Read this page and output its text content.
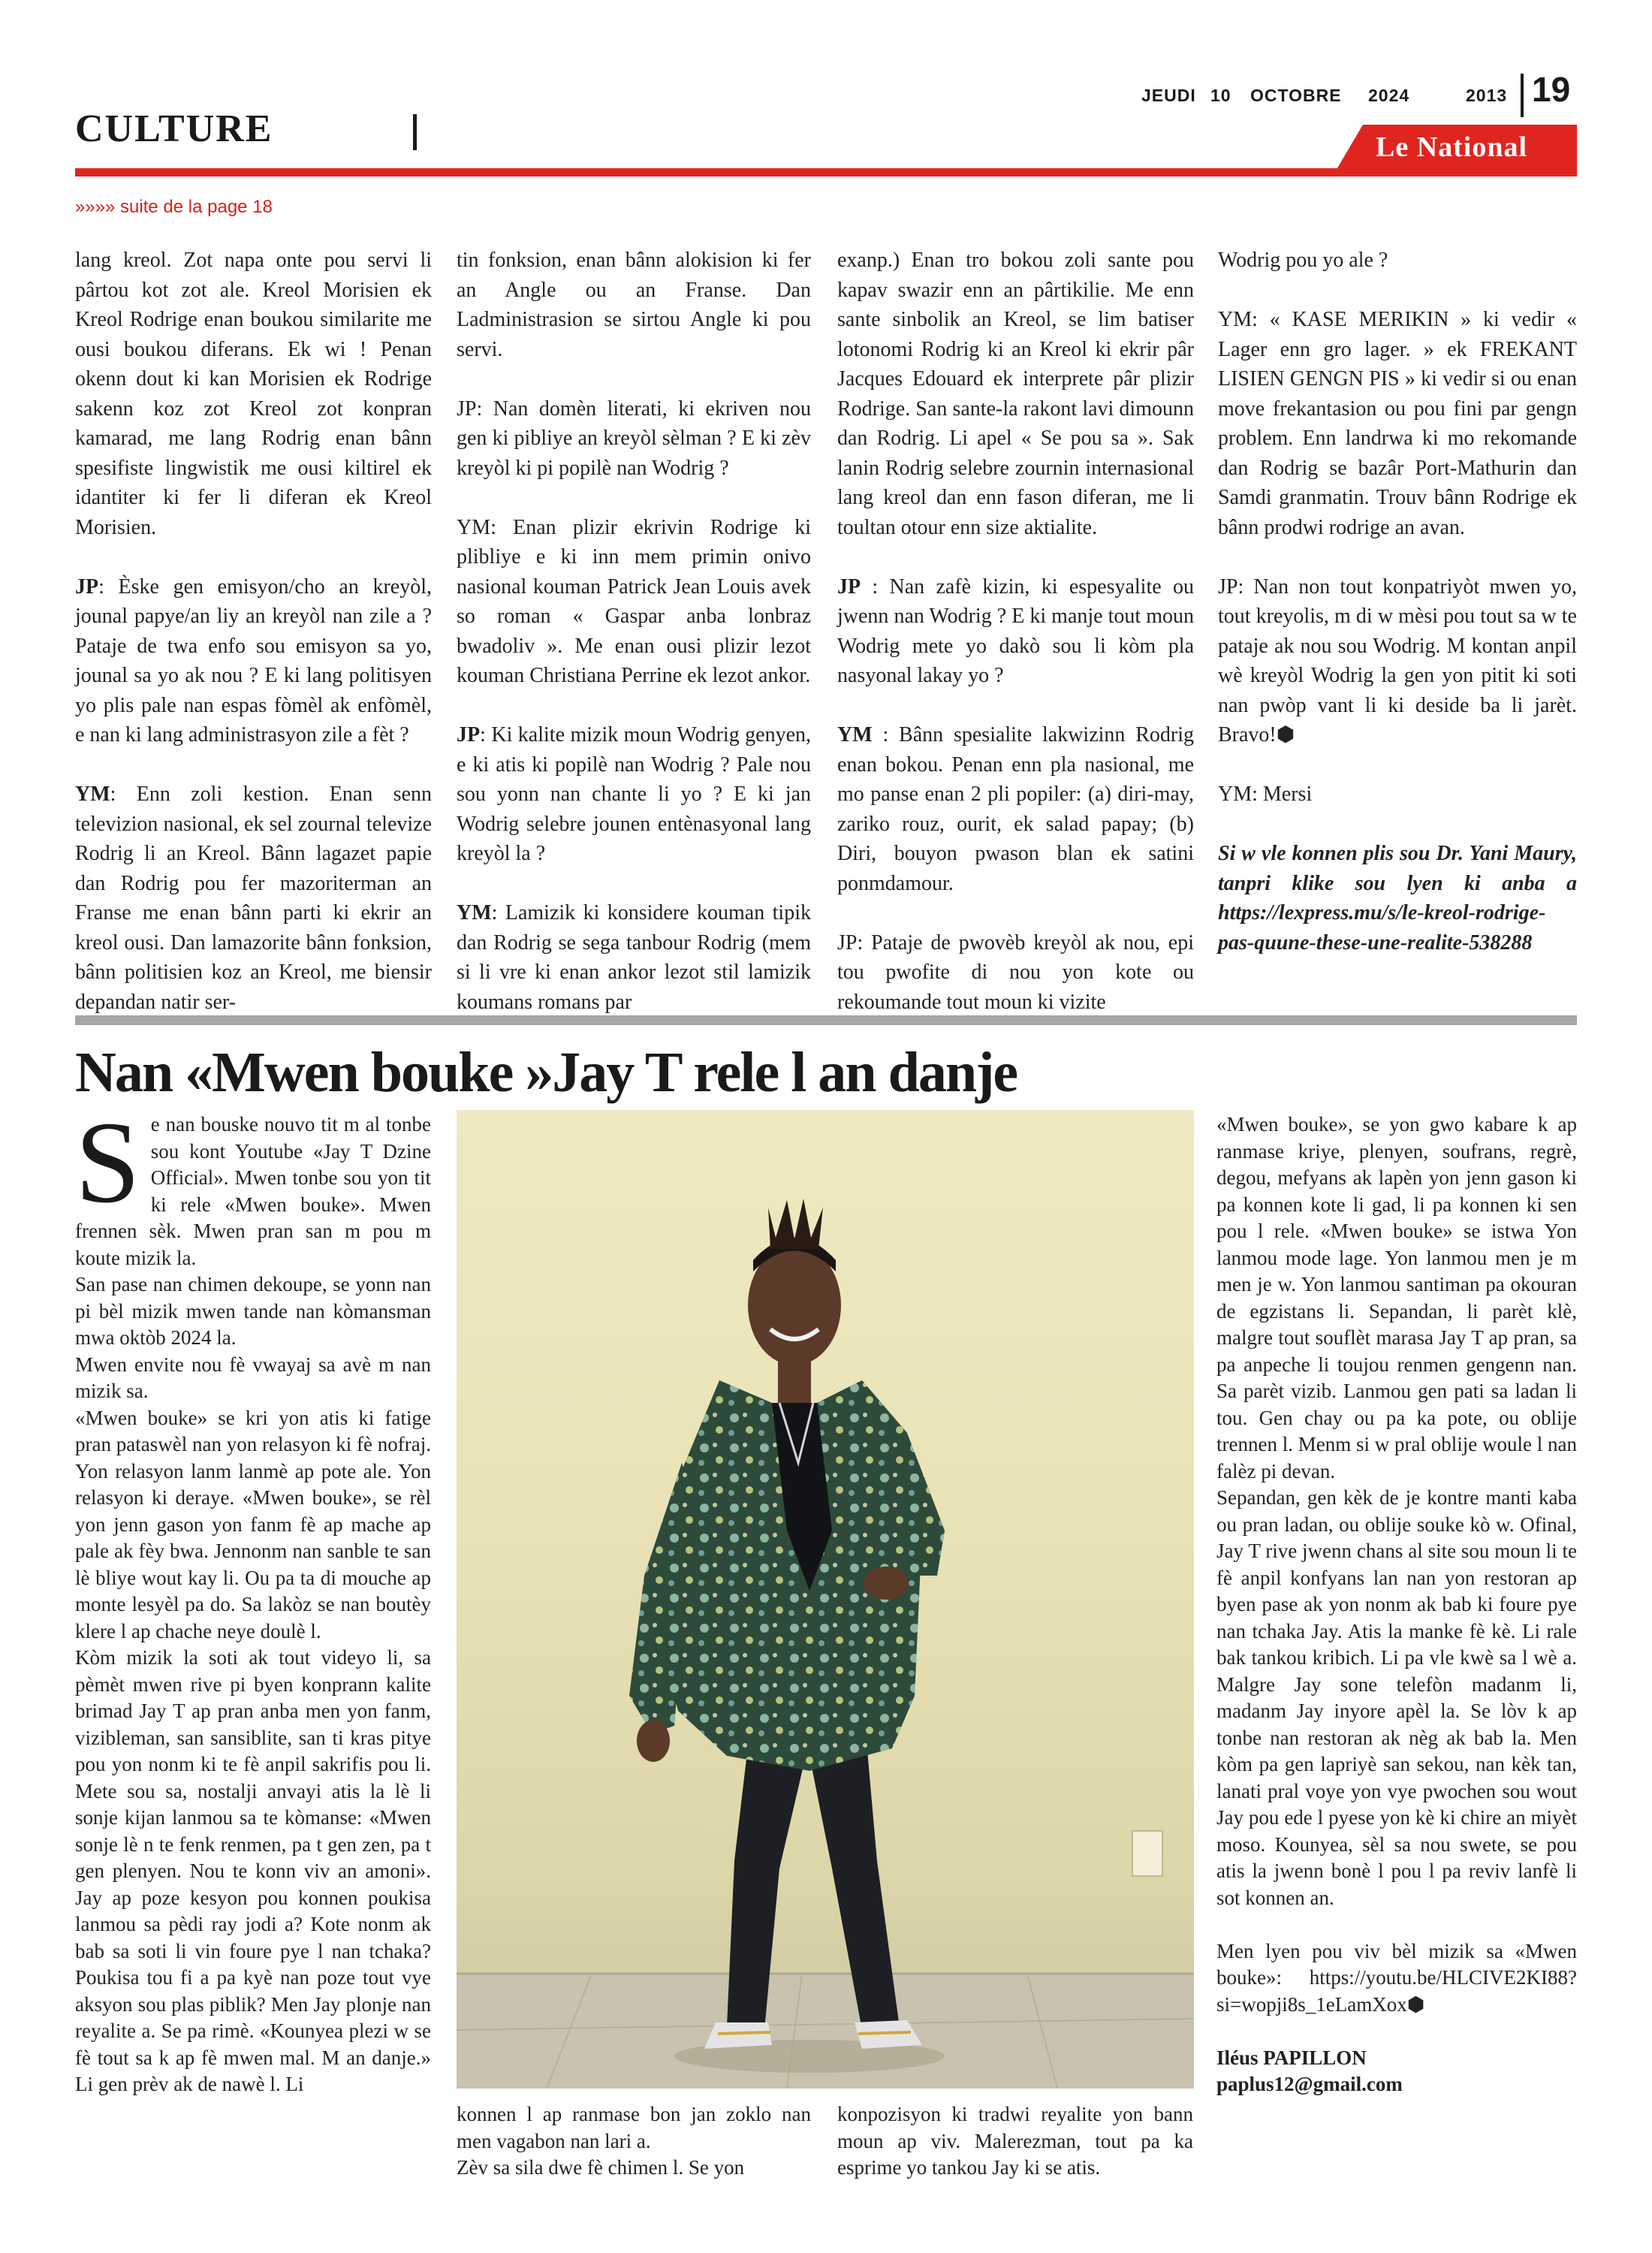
CULTURE
JEUDI 10 OCTOBRE 2024	2013 19
Le National
»»»» suite de la page 18

lang kreol. Zot napa onte pou servi li pârtou kot zot ale. Kreol Morisien ek Kreol Rodrige enan boukou similarite me ousi boukou diferans. Ek wi ! Penan okenn dout ki kan Morisien ek Rodrige sakenn koz zot Kreol zot konpran kamarad, me lang Rodrig enan bânn spesifiste lingwistik me ousi kiltirel ek idantiter ki fer li diferan ek Kreol Morisien.

JP: Èske gen emisyon/cho an kreyòl, jounal papye/an liy an kreyòl nan zile a ? Pataje de twa enfo sou emisyon sa yo, jounal sa yo ak nou ? E ki lang politisyen yo plis pale nan espas fòmèl ak enfòmèl, e nan ki lang administrasyon zile a fèt ?

YM: Enn zoli kestion. Enan senn televizion nasional, ek sel zournal televize Rodrig li an Kreol. Bânn lagazet papie dan Rodrig pou fer mazoriterman an Franse me enan bânn parti ki ekrir an kreol ousi. Dan lamazorite bânn fonksion, bânn politisien koz an Kreol, me biensir depandan natir ser-

tin fonksion, enan bânn alokision ki fer an Angle ou an Franse. Dan Ladministrasion se sirtou Angle ki pou servi.

JP: Nan domèn literati, ki ekriven nou gen ki pibliye an kreyòl sèlman ? E ki zèv kreyòl ki pi popilè nan Wodrig ?

YM: Enan plizir ekrivin Rodrige ki plibliye e ki inn mem primin onivo nasional kouman Patrick Jean Louis avek so roman « Gaspar anba lonbraz bwadoliv ». Me enan ousi plizir lezot kouman Christiana Perrine ek lezot ankor.

JP: Ki kalite mizik moun Wodrig genyen, e ki atis ki popilè nan Wodrig ? Pale nou sou yonn nan chante li yo ? E ki jan Wodrig selebre jounen entènasyonal lang kreyòl la ?

YM: Lamizik ki konsidere kouman tipik dan Rodrig se sega tanbour Rodrig (mem si li vre ki enan ankor lezot stil lamizik koumans romans par

exanp.) Enan tro bokou zoli sante pou kapav swazir enn an pârtikilie. Me enn sante sinbolik an Kreol, se lim batiser lotonomi Rodrig ki an Kreol ki ekrir pâr Jacques Edouard ek interprete pâr plizir Rodrige. San sante-la rakont lavi dimounn dan Rodrig. Li apel « Se pou sa ». Sak lanin Rodrig selebre zournin internasional lang kreol dan enn fason diferan, me li toultan otour enn size aktialite.

JP : Nan zafè kizin, ki espesyalite ou jwenn nan Wodrig ? E ki manje tout moun Wodrig mete yo dakò sou li kòm pla nasyonal lakay yo ?

YM : Bânn spesialite lakwizinn Rodrig enan bokou. Penan enn pla nasional, me mo panse enan 2 pli popiler: (a) diri-may, zariko rouz, ourit, ek salad papay; (b) Diri, bouyon pwason blan ek satini ponmdamour.

JP: Pataje de pwovèb kreyòl ak nou, epi tou pwofite di nou yon kote ou rekoumande tout moun ki vizite

Wodrig pou yo ale ?

YM: « KASE MERIKIN » ki vedir « Lager enn gro lager. » ek FREKANT LISIEN GENGN PIS » ki vedir si ou enan move frekantasion ou pou fini par gengn problem. Enn landrwa ki mo rekomande dan Rodrig se bazâr Port-Mathurin dan Samdi granmatin. Trouv bânn Rodrige ek bânn prodwi rodrige an avan.

JP: Nan non tout konpatriyòt mwen yo, tout kreyolis, m di w mèsi pou tout sa w te pataje ak nou sou Wodrig. M kontan anpil wè kreyòl Wodrig la gen yon pitit ki soti nan pwòp vant li ki deside ba li jarèt. Bravo!⬢

YM: Mersi

Si w vle konnen plis sou Dr. Yani Maury, tanpri klike sou lyen ki anba a https://lexpress.mu/s/le-kreol-rodrige-pas-quune-these-une-realite-538288

Nan «Mwen bouke »Jay T rele l an danje

Se nan bouske nouvo tit m al tonbe sou kont Youtube «Jay T Dzine Official». Mwen tonbe sou yon tit ki rele «Mwen bouke». Mwen frennen sèk. Mwen pran san m pou m koute mizik la.

San pase nan chimen dekoupe, se yonn nan pi bèl mizik mwen tande nan kòmansman mwa oktòb 2024 la.

Mwen envite nou fè vwayaj sa avè m nan mizik sa.

«Mwen bouke» se kri yon atis ki fatige pran pataswèl nan yon relasyon ki fè nofraj. Yon relasyon lanm lanmè ap pote ale. Yon relasyon ki deraye. «Mwen bouke», se rèl yon jenn gason yon fanm fè ap mache ap pale ak fèy bwa. Jennonm nan sanble te san lè bliye wout kay li. Ou pa ta di mouche ap monte lesyèl pa do. Sa lakòz se nan boutèy klere l ap chache neye doulè l.

Kòm mizik la soti ak tout videyo li, sa pèmèt mwen rive pi byen konprann kalite brimad Jay T ap pran anba men yon fanm, vizibleman, san sansiblite, san ti kras pitye pou yon nonm ki te fè anpil sakrifis pou li. Mete sou sa, nostalji anvayi atis la lè li sonje kijan lanmou sa te kòmanse: «Mwen sonje lè n te fenk renmen, pa t gen zen, pa t gen plenyen. Nou te konn viv an amoni». Jay ap poze kesyon pou konnen poukisa lanmou sa pèdi ray jodi a? Kote nonm ak bab sa soti li vin foure pye l nan tchaka? Poukisa tou fi a pa kyè nan poze tout vye aksyon sou plas piblik? Men Jay plonje nan reyalite a. Se pa rimè. «Kounyea plezi w se fè tout sa k ap fè mwen mal. M an danje.» Li gen prèv ak de nawè l. Li

konnen l ap ranmase bon jan zoklo nan men vagabon nan lari a.

Zèv sa sila dwe fè chimen l. Se yon

konpozisyon ki tradwi reyalite yon bann moun ap viv. Malerezman, tout pa ka esprime yo tankou Jay ki se atis.

«Mwen bouke», se yon gwo kabare k ap ranmase kriye, plenyen, soufrans, regrè, degou, mefyans ak lapèn yon jenn gason ki pa konnen kote li gad, li pa konnen ki sen pou l rele. «Mwen bouke» se istwa Yon lanmou mode lage. Yon lanmou men je m men je w. Yon lanmou santiman pa okouran de egzistans li. Sepandan, li parèt klè, malgre tout souflèt marasa Jay T ap pran, sa pa anpeche li toujou renmen gengenn nan. Sa parèt vizib. Lanmou gen pati sa ladan li tou. Gen chay ou pa ka pote, ou oblije trennen l. Menm si w pral oblije woule l nan falèz pi devan.

Sepandan, gen kèk de je kontre manti kaba ou pran ladan, ou oblije souke kò w. Ofinal, Jay T rive jwenn chans al site sou moun li te fè anpil konfyans lan nan yon restoran ap byen pase ak yon nonm ak bab ki foure pye nan tchaka Jay. Atis la manke fè kè. Li rale bak tankou kribich. Li pa vle kwè sa l wè a. Malgre Jay sone telefòn madanm li, madanm Jay inyore apèl la. Se lòv k ap tonbe nan restoran ak nèg ak bab la. Men kòm pa gen lapriyè san sekou, nan kèk tan, lanati pral voye yon vye pwochen sou wout Jay pou ede l pyese yon kè ki chire an miyèt moso. Kounyea, sèl sa nou swete, se pou atis la jwenn bonè l pou l pa reviv lanfè li sot konnen an.

Men lyen pou viv bèl mizik sa «Mwen bouke»: https://youtu.be/HLCIVE2KI88?si=wopji8s_1eLamXox⬢

Iléus PAPILLON

paplus12@gmail.com
